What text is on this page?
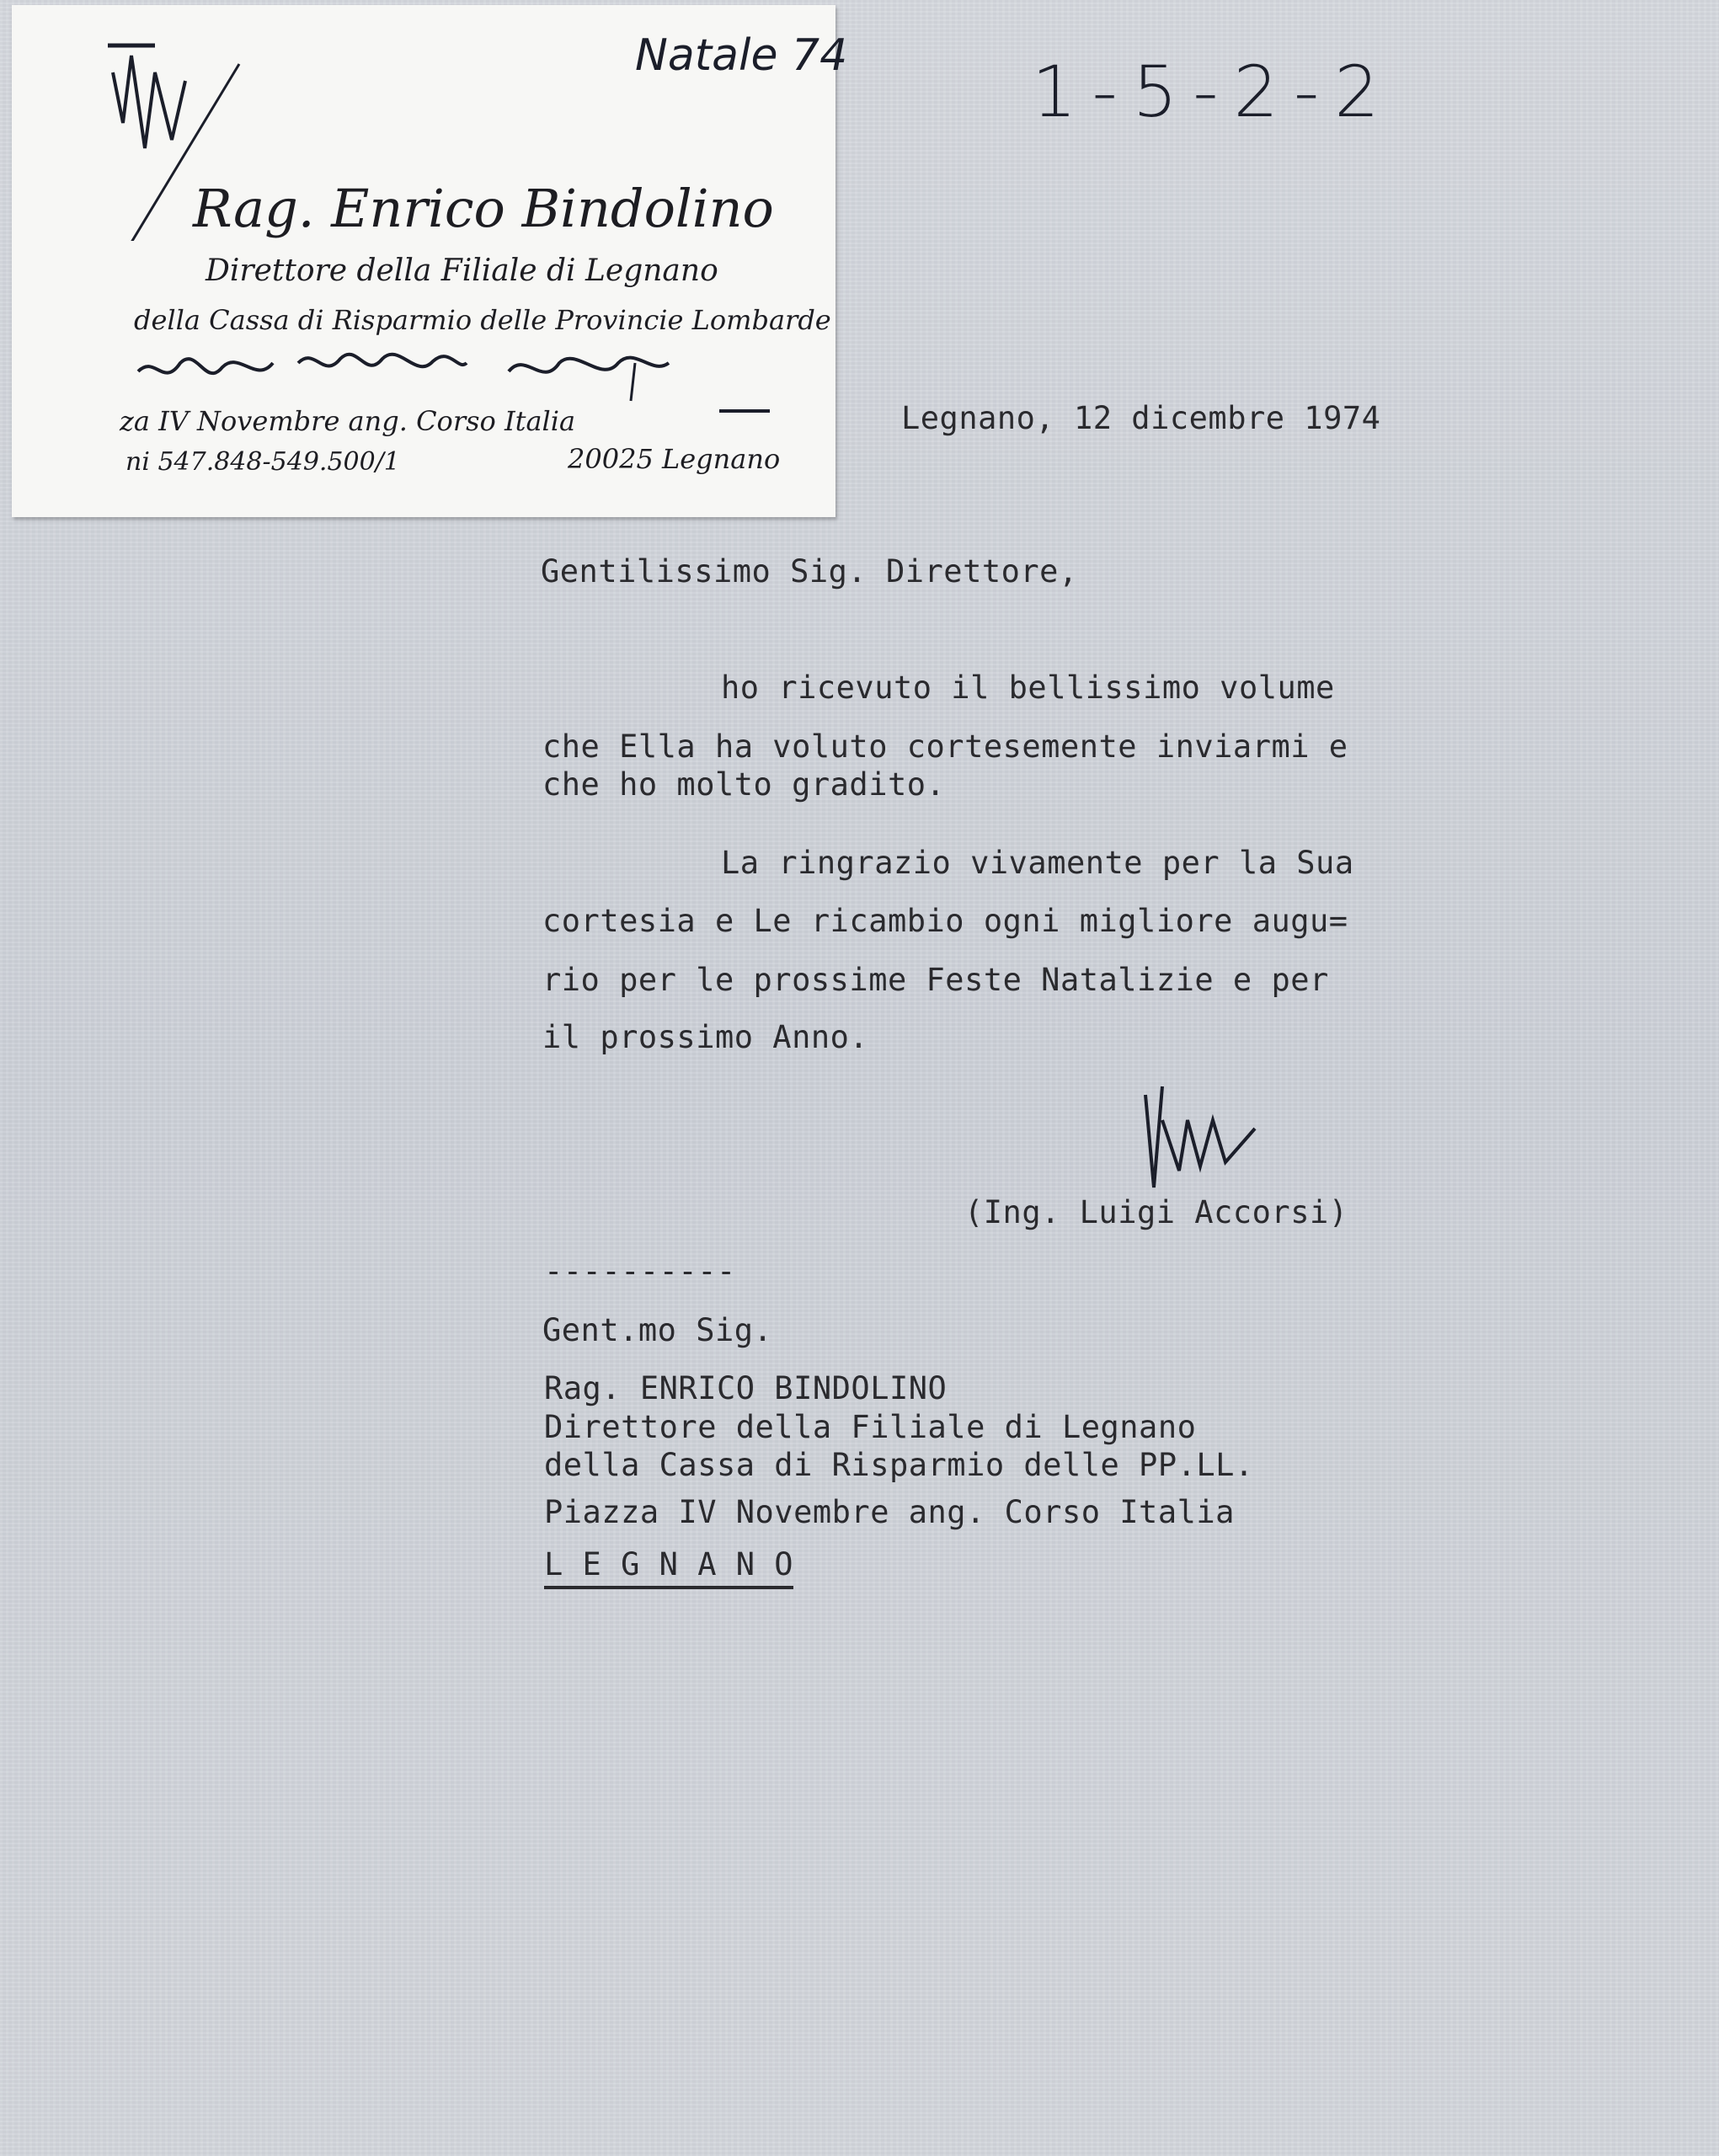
1-5-2-2
Natale 74
Rag. Enrico Bindolino
Direttore della Filiale di Legnano
della Cassa di Risparmio delle Provincie Lombarde
za IV Novembre ang. Corso Italia
ni 547.848-549.500/1	20025 Legnano
Legnano, 12 dicembre 1974
Gentilissimo Sig. Direttore,
ho ricevuto il bellissimo volume
che Ella ha voluto cortesemente inviarmi e
che ho molto gradito.
La ringrazio vivamente per la Sua
cortesia e Le ricambio ogni migliore augu=
rio per le prossime Feste Natalizie e per
il prossimo Anno.
(Ing. Luigi Accorsi)
----------
Gent.mo Sig.
Rag. ENRICO BINDOLINO
Direttore della Filiale di Legnano
della Cassa di Risparmio delle PP.LL.
Piazza IV Novembre ang. Corso Italia
L E G N A N O
